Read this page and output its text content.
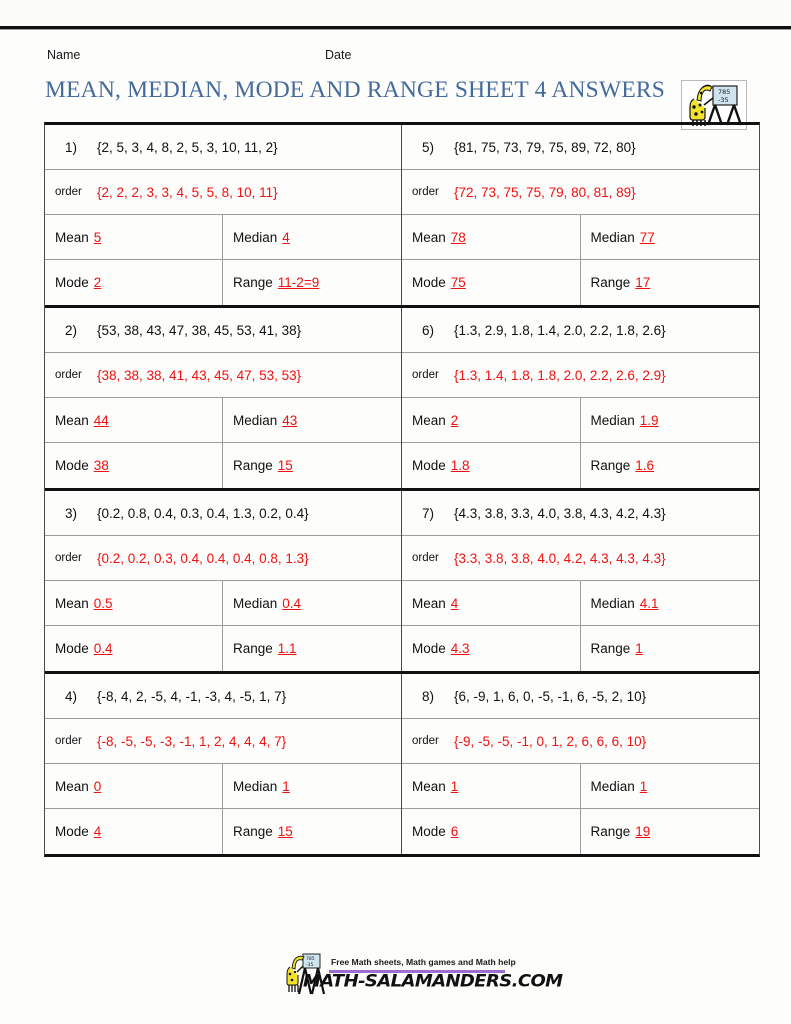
Name	Date
MEAN, MEDIAN, MODE AND RANGE SHEET 4 ANSWERS	785
-35
1)	{2, 5, 3, 4, 8, 2, 5, 3, 10, 11, 2}
order	{2, 2, 2, 3, 3, 4, 5, 5, 8, 10, 11}
Mean 5	Median 4
Mode 2	Range 11-2=9
5)	{81, 75, 73, 79, 75, 89, 72, 80}
order	{72, 73, 75, 75, 79, 80, 81, 89}
Mean 78	Median 77
Mode 75	Range 17
2)	{53, 38, 43, 47, 38, 45, 53, 41, 38}
order	{38, 38, 38, 41, 43, 45, 47, 53, 53}
Mean 44	Median 43
Mode 38	Range 15
6)	{1.3, 2.9, 1.8, 1.4, 2.0, 2.2, 1.8, 2.6}
order	{1.3, 1.4, 1.8, 1.8, 2.0, 2.2, 2.6, 2.9}
Mean 2	Median 1.9
Mode 1.8	Range 1.6
3)	{0.2, 0.8, 0.4, 0.3, 0.4, 1.3, 0.2, 0.4}
order	{0.2, 0.2, 0.3, 0.4, 0.4, 0.4, 0.8, 1.3}
Mean 0.5	Median 0.4
Mode 0.4	Range 1.1
7)	{4.3, 3.8, 3.3, 4.0, 3.8, 4.3, 4.2, 4.3}
order	{3.3, 3.8, 3.8, 4.0, 4.2, 4.3, 4.3, 4.3}
Mean 4	Median 4.1
Mode 4.3	Range 1
4)	{-8, 4, 2, -5, 4, -1, -3, 4, -5, 1, 7}
order	{-8, -5, -5, -3, -1, 1, 2, 4, 4, 4, 7}
Mean 0	Median 1
Mode 4	Range 15
8)	{6, -9, 1, 6, 0, -5, -1, 6, -5, 2, 10}
order	{-9, -5, -5, -1, 0, 1, 2, 6, 6, 6, 10}
Mean 1	Median 1
Mode 6	Range 19
785
-35 Free Math sheets, Math games and Math help
MATH-SALAMANDERS.COM
